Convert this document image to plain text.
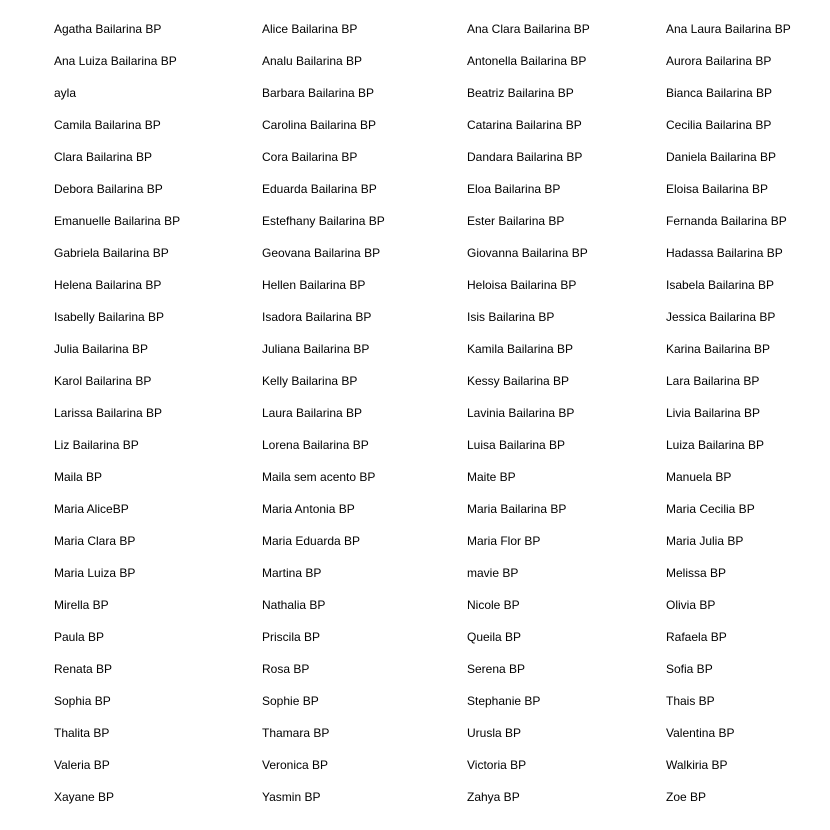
Agatha Bailarina BP	Alice Bailarina BP	Ana Clara Bailarina BP	Ana Laura Bailarina BP
Ana Luiza Bailarina BP	Analu Bailarina BP	Antonella Bailarina BP	Aurora Bailarina BP
ayla	Barbara Bailarina BP	Beatriz Bailarina BP	Bianca Bailarina BP
Camila Bailarina BP	Carolina Bailarina BP	Catarina Bailarina BP	Cecilia Bailarina BP
Clara Bailarina BP	Cora Bailarina BP	Dandara Bailarina BP	Daniela Bailarina BP
Debora Bailarina BP	Eduarda Bailarina BP	Eloa Bailarina BP	Eloisa Bailarina BP
Emanuelle Bailarina BP	Estefhany Bailarina BP	Ester Bailarina BP	Fernanda Bailarina BP
Gabriela Bailarina BP	Geovana Bailarina BP	Giovanna Bailarina BP	Hadassa Bailarina BP
Helena Bailarina BP	Hellen Bailarina BP	Heloisa Bailarina BP	Isabela Bailarina BP
Isabelly Bailarina BP	Isadora Bailarina BP	Isis Bailarina BP	Jessica Bailarina BP
Julia Bailarina BP	Juliana Bailarina BP	Kamila Bailarina BP	Karina Bailarina BP
Karol Bailarina BP	Kelly Bailarina BP	Kessy Bailarina BP	Lara Bailarina BP
Larissa Bailarina BP	Laura Bailarina BP	Lavinia Bailarina BP	Livia Bailarina BP
Liz Bailarina BP	Lorena Bailarina BP	Luisa Bailarina BP	Luiza Bailarina BP
Maila BP	Maila sem acento BP	Maite BP	Manuela BP
Maria AliceBP	Maria Antonia BP	Maria Bailarina BP	Maria Cecilia BP
Maria Clara BP	Maria Eduarda BP	Maria Flor BP	Maria Julia BP
Maria Luiza BP	Martina BP	mavie BP	Melissa BP
Mirella BP	Nathalia BP	Nicole BP	Olivia BP
Paula BP	Priscila BP	Queila BP	Rafaela BP
Renata BP	Rosa BP	Serena BP	Sofia BP
Sophia BP	Sophie BP	Stephanie BP	Thais BP
Thalita BP	Thamara BP	Urusla BP	Valentina BP
Valeria BP	Veronica BP	Victoria BP	Walkiria BP
Xayane BP	Yasmin BP	Zahya BP	Zoe BP
